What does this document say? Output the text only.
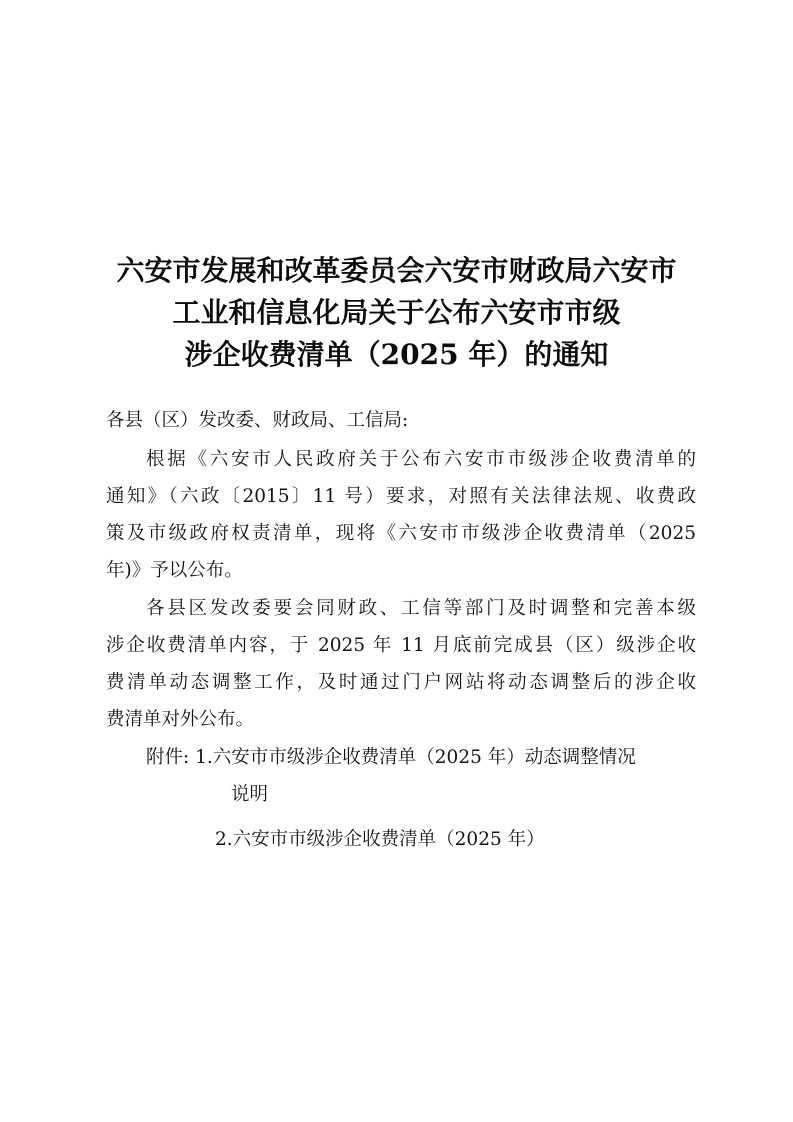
六安市发展和改革委员会六安市财政局六安市
工业和信息化局关于公布六安市市级
涉企收费清单（2025 年）的通知
各县（区）发改委、财政局、工信局:
根据《六安市人民政府关于公布六安市市级涉企收费清单的
通知》（六政〔2015〕11 号）要求，对照有关法律法规、收费政
策及市级政府权责清单，现将《六安市市级涉企收费清单（2025
年)》予以公布。
各县区发改委要会同财政、工信等部门及时调整和完善本级
涉企收费清单内容，于 2025 年 11 月底前完成县（区）级涉企收
费清单动态调整工作，及时通过门户网站将动态调整后的涉企收
费清单对外公布。
附件: 1.六安市市级涉企收费清单（2025 年）动态调整情况
说明
2.六安市市级涉企收费清单（2025 年）
